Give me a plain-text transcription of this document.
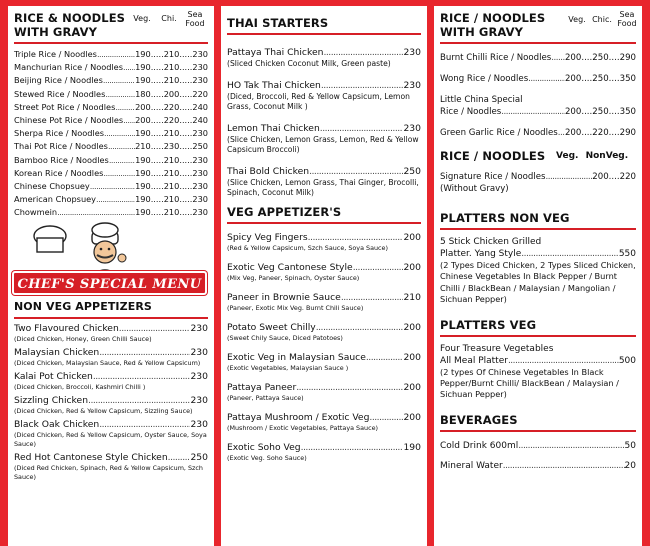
RICE & NOODLES
WITH GRAVY
Veg.	Chi.	Sea
Food
Triple Rice / Noodles .....	190.....210.....230
Manchurian Rice / Noodles ..... 190.....210.....230
Beijing Rice / Noodles .....	190.....210.....230
Stewed Rice / Noodles .....	180.....200.....220
Street Pot Rice / Noodles ..... 200.....220.....240
Chinese Pot Rice / Noodles ..... 200.....220.....240
Sherpa Rice / Noodles .....	190.....210.....230
Thai Pot Rice / Noodles .....	210.....230.....250
Bamboo Rice / Noodles .....	190.....210.....230
Korean Rice / Noodles .....	190.....210.....230
Chinese Chopsuey .....	190.....210.....230
American Chopsuey .....	190.....210.....230
Chowmein .....	190.....210.....230
CHEF'S SPECIAL MENU
NON VEG APPETIZERS
Two Flavoured Chicken .....	230
(Diced Chicken, Honey, Green Chilli Sauce)
Malaysian Chicken .....	230
(Diced Chicken, Malaysian Sauce, Red & Yellow Capsicum)
Kalai Pot Chicken .....	230
(Diced Chicken, Broccoli, Kashmiri Chilli )
Sizzling Chicken .....	230
(Diced Chicken, Red & Yellow Capsicum, Sizzling Sauce)
Black Oak Chicken .....	230
(Diced Chicken, Red & Yellow Capsicum, Oyster Sauce, Soya Sauce)
Red Hot Cantonese Style Chicken ..... 250
(Diced Red Chicken, Spinach, Red & Yellow Capsicum, Szch Sauce)
THAI STARTERS
Pattaya Thai Chicken .....	230
(Sliced Chicken Coconut Milk, Green paste)
HO Tak Thai Chicken .....	230
(Diced, Broccoli, Red & Yellow Capsicum, Lemon Grass, Coconut Milk )
Lemon Thai Chicken .....	230
(Slice Chicken, Lemon Grass, Lemon, Red & Yellow Capsicum Broccoli)
Thai Bold Chicken .....	250
(Slice Chicken, Lemon Grass, Thai Ginger, Brocolli, Spinach, Coconut Milk)
VEG APPETIZER'S
Spicy Veg Fingers .....	200
(Red & Yellow Capsicum, Szch Sauce, Soya Sauce)
Exotic Veg Cantonese Style .....	200
(Mix Veg, Paneer, Spinach, Oyster Sauce)
Paneer in Brownie Sauce .....	210
(Paneer, Exotic Mix Veg. Burnt Chili Sauce)
Potato Sweet Chilly .....	200
(Sweet Chily Sauce, Diced Patotoes)
Exotic Veg in Malaysian Sauce .....	200
(Exotic Vegetables, Malaysian Sauce )
Pattaya Paneer .....	200
(Paneer, Pattaya Sauce)
Pattaya Mushroom / Exotic Veg .....	200
(Mushroom / Exotic Vegetables, Pattaya Sauce)
Exotic Soho Veg .....	190
(Exotic Veg. Soho Sauce)
RICE / NOODLES
WITH GRAVY
Veg. Chic.
Sea
Food
Burnt Chilli Rice / Noodles ..... 200....250....290
Wong Rice / Noodles .....	200....250....350
Little China Special
Rice / Noodles .....	200....250....350
Green Garlic Rice / Noodles ..... 200....220....290
RICE / NOODLES	Veg. NonVeg.
Signature Rice / Noodles .....	200....220
(Without Gravy)
PLATTERS NON VEG
5 Stick Chicken Grilled
Platter. Yang Style .....	550
(2 Types Diced Chicken, 2 Types Sliced Chicken, Chinese Vegetables In Black Pepper / Burnt Chilli / BlackBean / Malaysian / Mangolian / Sichuan Pepper)
PLATTERS VEG
Four Treasure Vegetables
All Meal Platter .....	500
(2 types Of Chinese Vegetables In Black Pepper/Burnt Chilli/ BlackBean / Malaysian / Sichuan Pepper)
BEVERAGES
Cold Drink 600ml .....	50
Mineral Water .....	20
